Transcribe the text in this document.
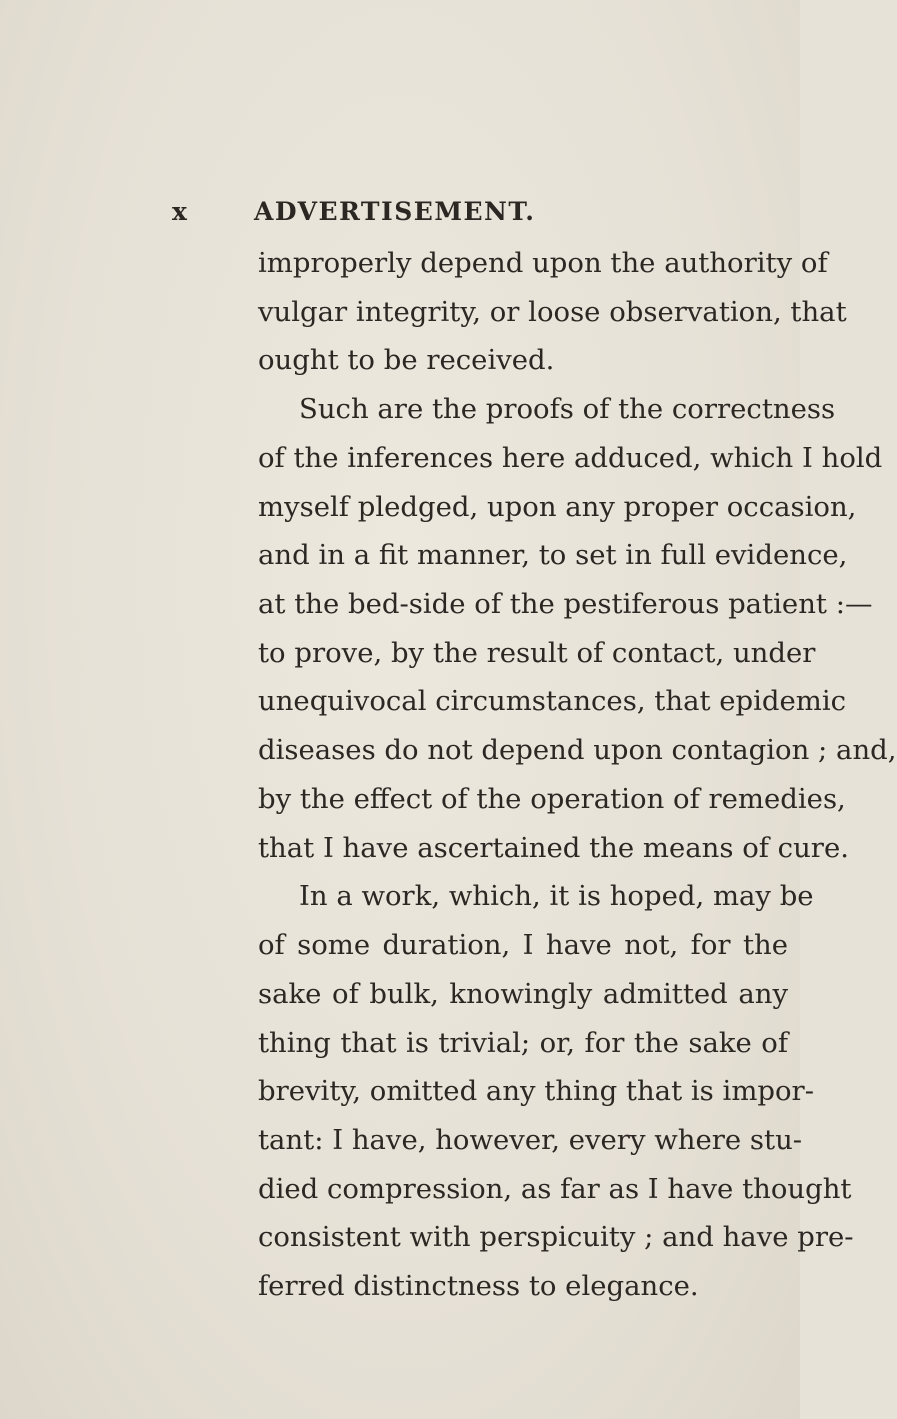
x	ADVERTISEMENT.
improperly depend upon the authority of
vulgar integrity, or loose observation, that
ought to be received.
Such are the proofs of the correctness
of the inferences here adduced, which I hold
myself pledged, upon any proper occasion,
and in a fit manner, to set in full evidence,
at the bed-side of the pestiferous patient :—
to prove, by the result of contact, under
unequivocal circumstances, that epidemic
diseases do not depend upon contagion ; and,
by the effect of the operation of remedies,
that I have ascertained the means of cure.
In a work, which, it is hoped, may be
of some duration, I have not, for the
sake of bulk, knowingly admitted any
thing that is trivial; or, for the sake of
brevity, omitted any thing that is impor-
tant: I have, however, every where stu-
died compression, as far as I have thought
consistent with perspicuity ; and have pre-
ferred distinctness to elegance.
